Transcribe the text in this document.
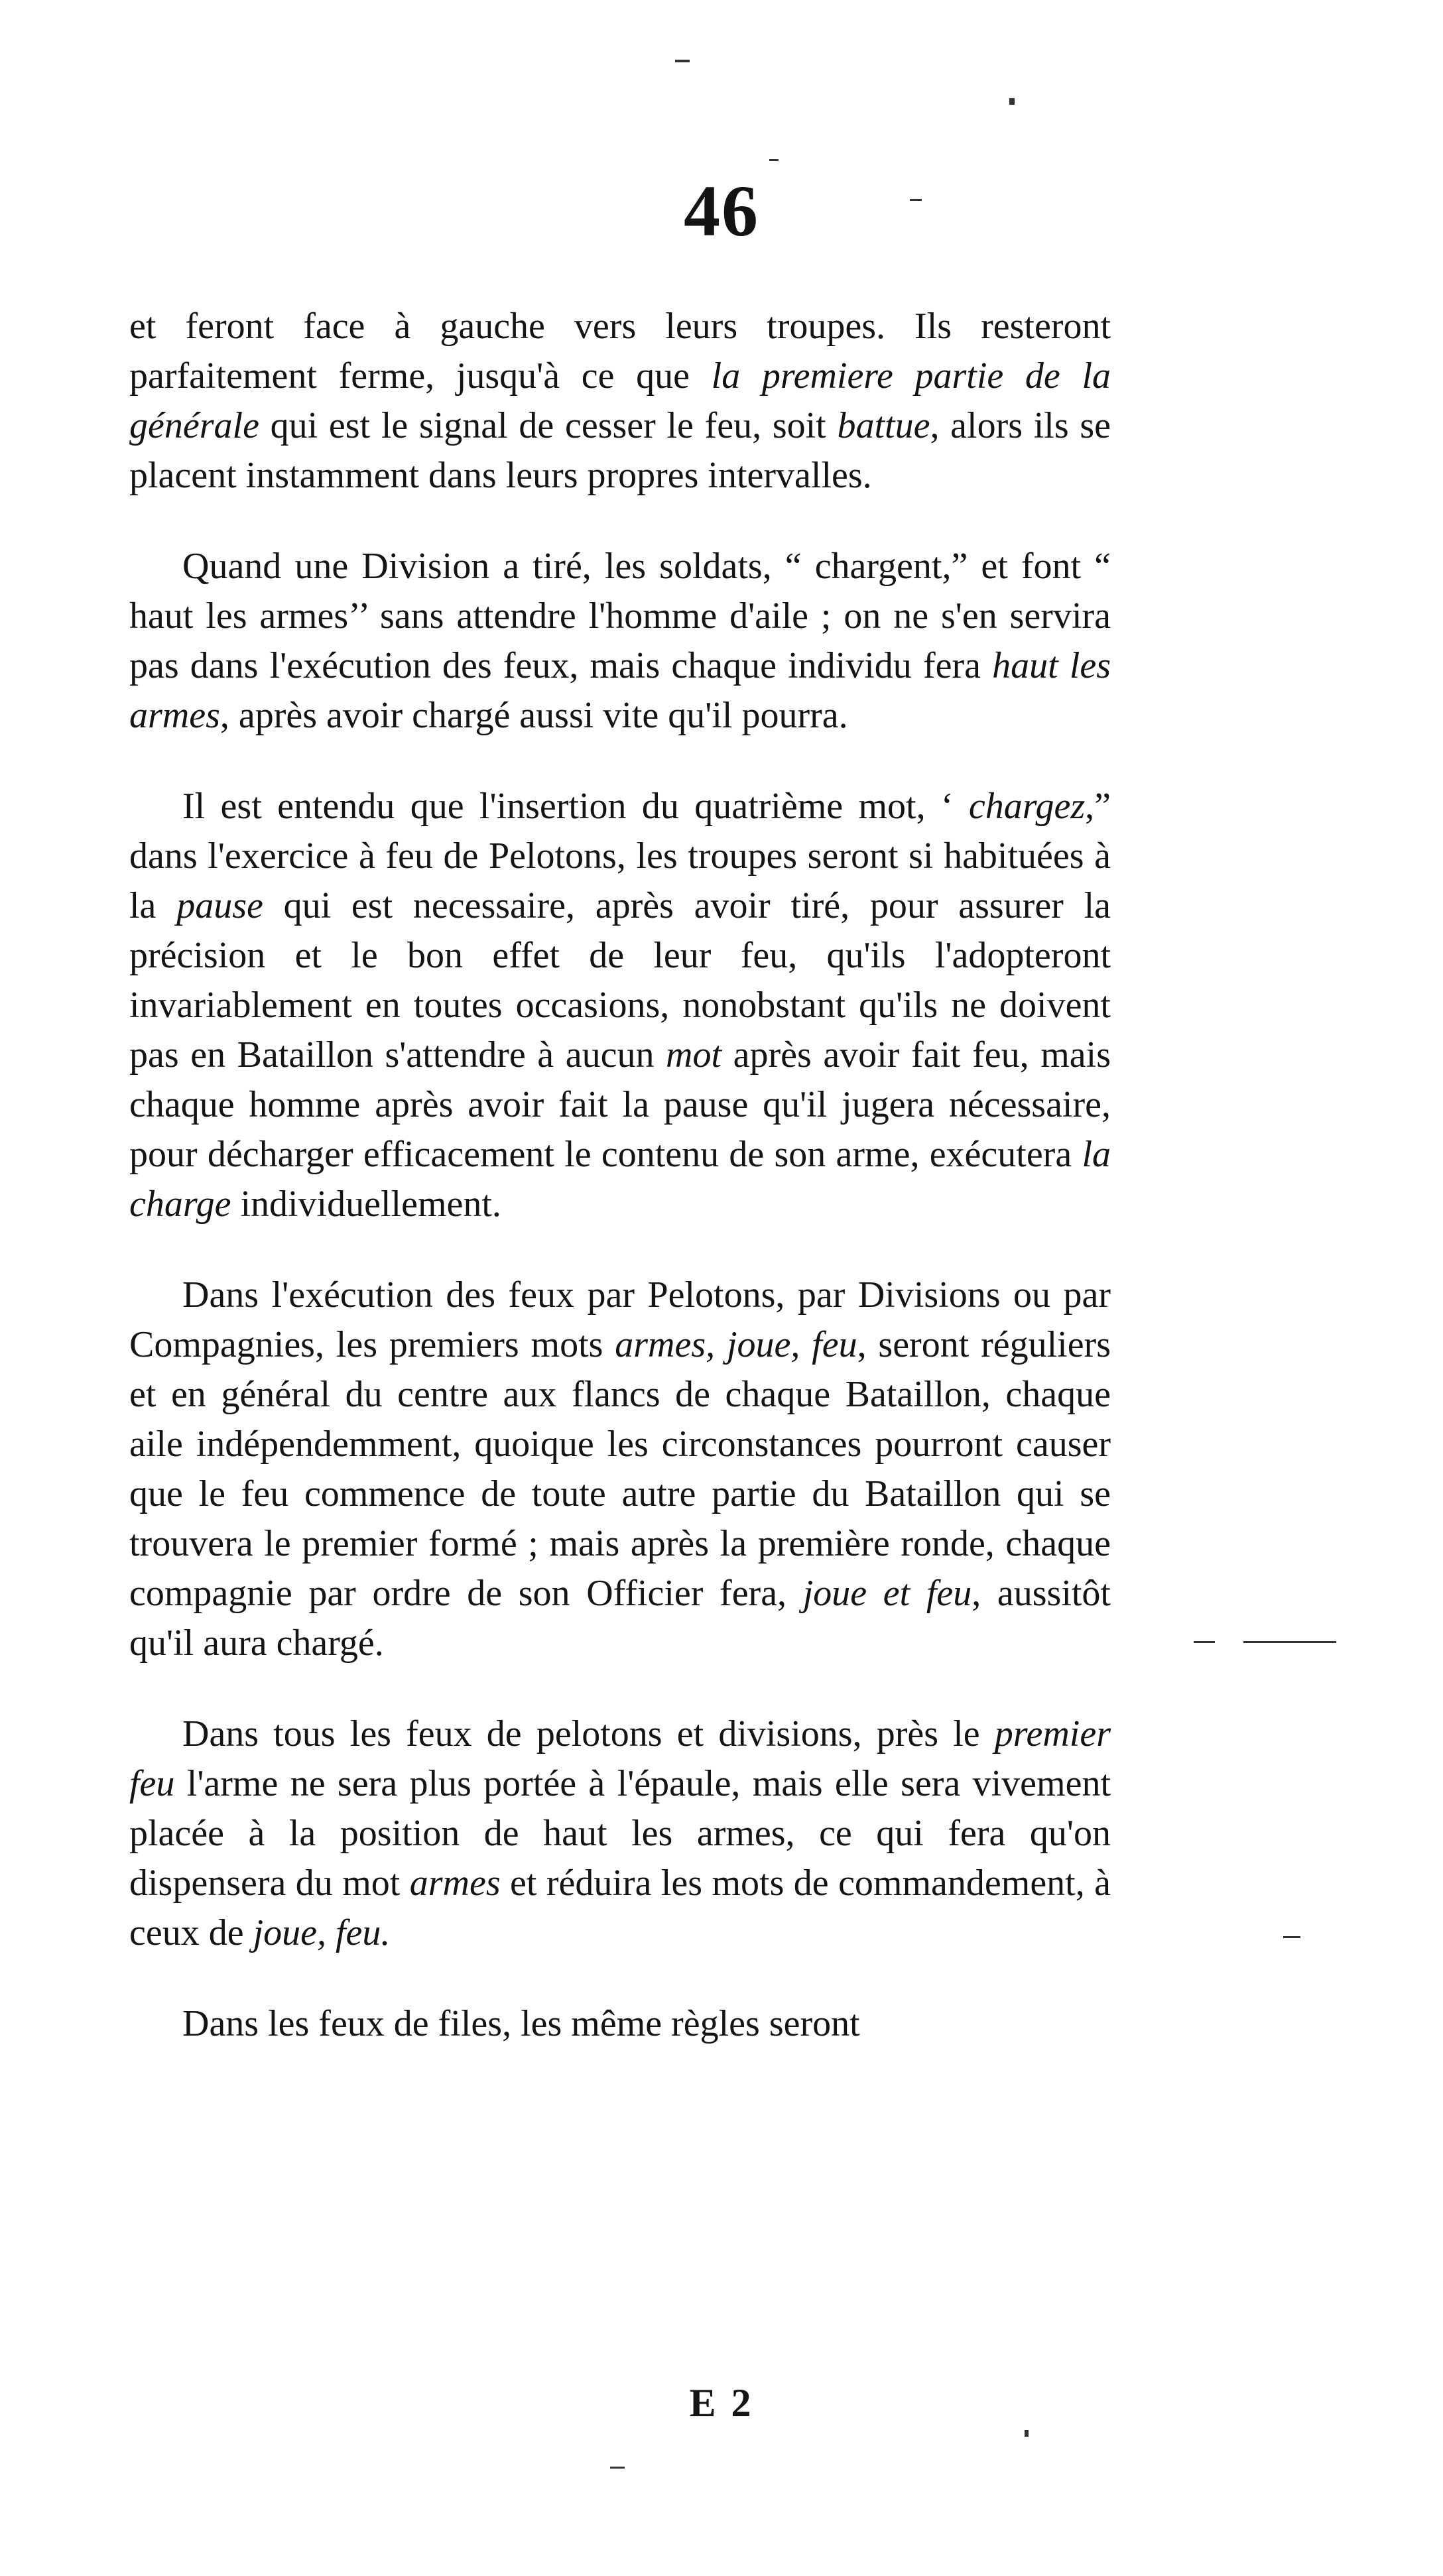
46

et feront face à gauche vers leurs troupes. Ils resteront parfaitement ferme, jusqu'à ce que la premiere partie de la générale qui est le signal de cesser le feu, soit battue, alors ils se placent instamment dans leurs propres intervalles.

Quand une Division a tiré, les soldats, “ chargent,” et font “ haut les armes’’ sans attendre l'homme d'aile ; on ne s'en servira pas dans l'exécution des feux, mais chaque individu fera haut les armes, après avoir chargé aussi vite qu'il pourra.

Il est entendu que l'insertion du quatrième mot, ‘ chargez,” dans l'exercice à feu de Pelotons, les troupes seront si habituées à la pause qui est necessaire, après avoir tiré, pour assurer la précision et le bon effet de leur feu, qu'ils l'adopteront invariablement en toutes occasions, nonobstant qu'ils ne doivent pas en Bataillon s'attendre à aucun mot après avoir fait feu, mais chaque homme après avoir fait la pause qu'il jugera nécessaire, pour décharger efficacement le contenu de son arme, exécutera la charge individuellement.

Dans l'exécution des feux par Pelotons, par Divisions ou par Compagnies, les premiers mots armes, joue, feu, seront réguliers et en général du centre aux flancs de chaque Bataillon, chaque aile indépendemment, quoique les circonstances pourront causer que le feu commence de toute autre partie du Bataillon qui se trouvera le premier formé ; mais après la première ronde, chaque compagnie par ordre de son Officier fera, joue et feu, aussitôt qu'il aura chargé.

Dans tous les feux de pelotons et divisions, près le premier feu l'arme ne sera plus portée à l'épaule, mais elle sera vivement placée à la position de haut les armes, ce qui fera qu'on dispensera du mot armes et réduira les mots de commandement, à ceux de joue, feu.

Dans les feux de files, les même règles seront

E 2
